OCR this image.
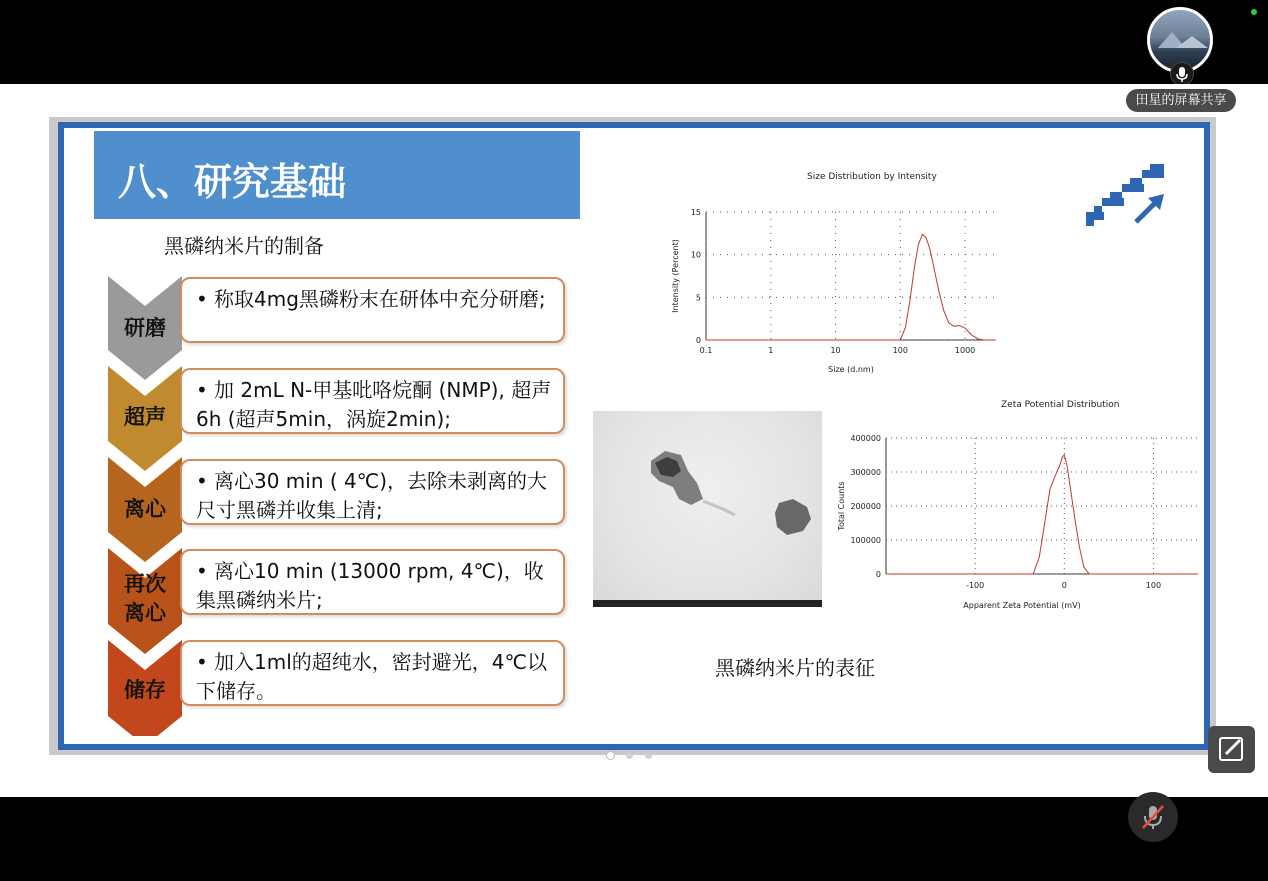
田星的屏幕共享
八、研究基础
黑磷纳米片的制备
研磨
超声
离心
再次离心
储存
• 称取4mg黑磷粉末在研体中充分研磨;
• 加 2mL N-甲基吡咯烷酮 (NMP), 超声 6h (超声5min，涡旋2min);
• 离心30 min ( 4℃)，去除未剥离的大尺寸黑磷并收集上清;
• 离心10 min (13000 rpm, 4℃)，收集黑磷纳米片;
• 加入1ml的超纯水，密封避光，4℃以下储存。
Size Distribution by Intensity
0.1	1	10	100	1000
0
5
10
15
Size (d.nm)
Intensity (Percent)
Zeta Potential Distribution
-100	0	100
0
100000
200000
300000
400000
Apparent Zeta Potential (mV)
Total Counts
黑磷纳米片的表征
